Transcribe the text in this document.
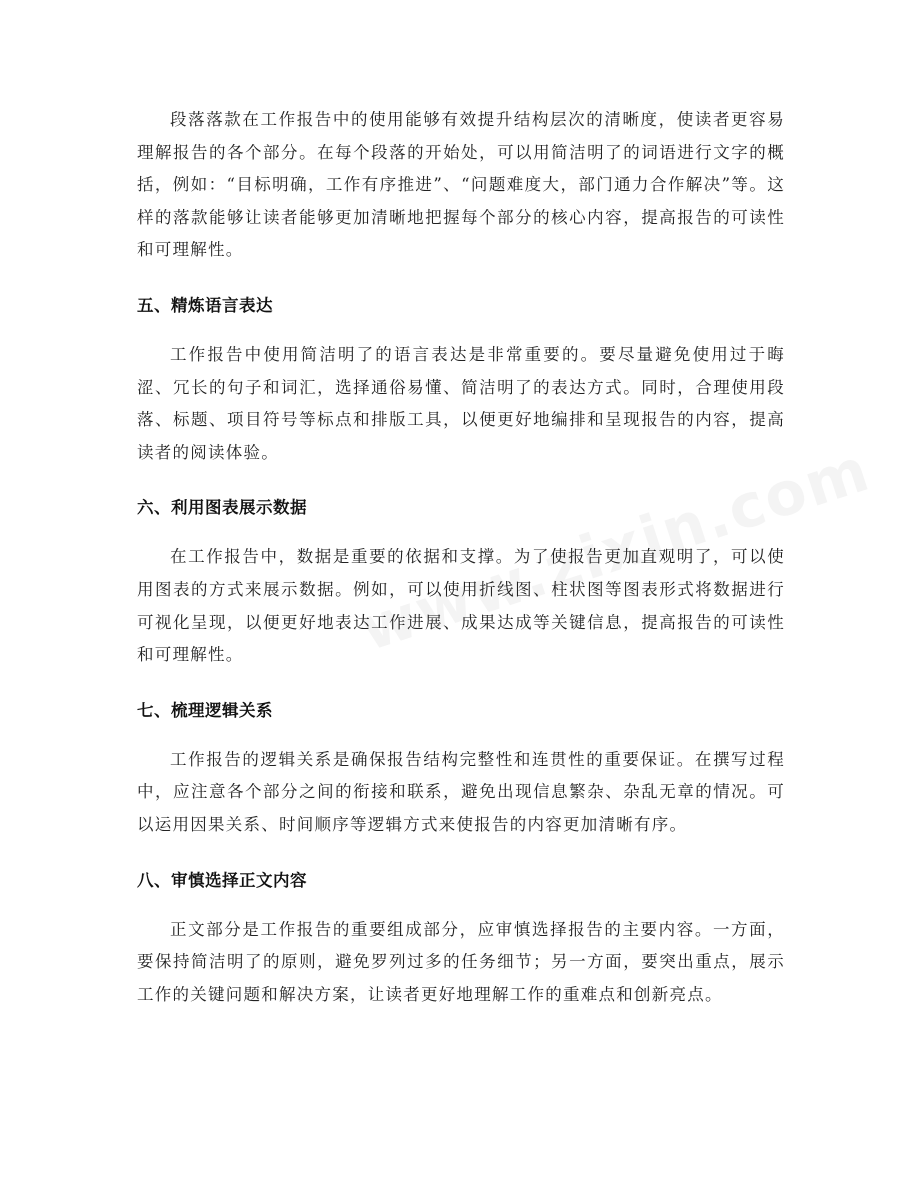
段落落款在工作报告中的使用能够有效提升结构层次的清晰度，使读者更容易理解报告的各个部分。在每个段落的开始处，可以用简洁明了的词语进行文字的概括，例如：“目标明确，工作有序推进”、“问题难度大，部门通力合作解决”等。这样的落款能够让读者能够更加清晰地把握每个部分的核心内容，提高报告的可读性和可理解性。

五、精炼语言表达

工作报告中使用简洁明了的语言表达是非常重要的。要尽量避免使用过于晦涩、冗长的句子和词汇，选择通俗易懂、简洁明了的表达方式。同时，合理使用段落、标题、项目符号等标点和排版工具，以便更好地编排和呈现报告的内容，提高读者的阅读体验。

六、利用图表展示数据

在工作报告中，数据是重要的依据和支撑。为了使报告更加直观明了，可以使用图表的方式来展示数据。例如，可以使用折线图、柱状图等图表形式将数据进行可视化呈现，以便更好地表达工作进展、成果达成等关键信息，提高报告的可读性和可理解性。

七、梳理逻辑关系

工作报告的逻辑关系是确保报告结构完整性和连贯性的重要保证。在撰写过程中，应注意各个部分之间的衔接和联系，避免出现信息繁杂、杂乱无章的情况。可以运用因果关系、时间顺序等逻辑方式来使报告的内容更加清晰有序。

八、审慎选择正文内容

正文部分是工作报告的重要组成部分，应审慎选择报告的主要内容。一方面，要保持简洁明了的原则，避免罗列过多的任务细节；另一方面，要突出重点，展示工作的关键问题和解决方案，让读者更好地理解工作的重难点和创新亮点。
